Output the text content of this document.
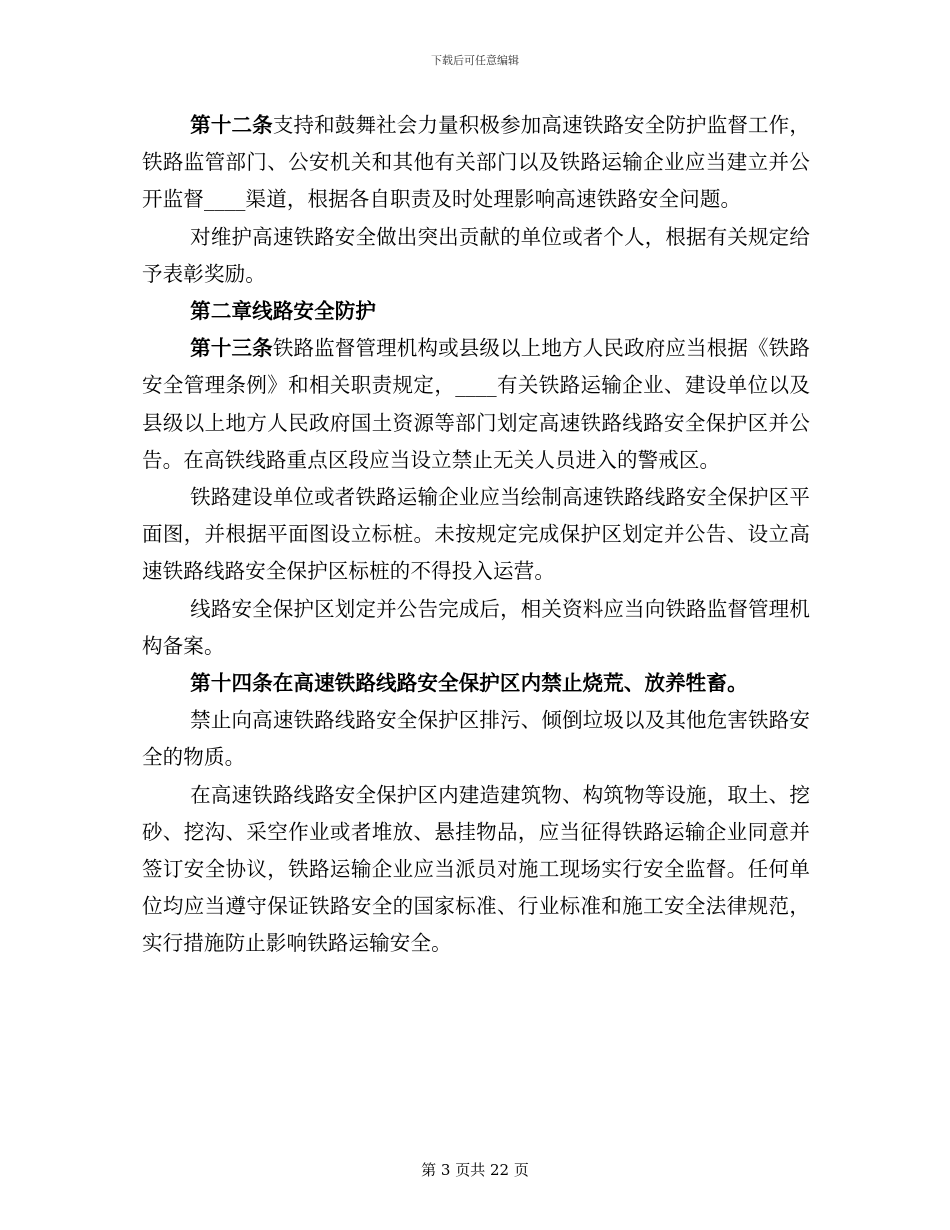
下载后可任意编辑

第十二条支持和鼓舞社会力量积极参加高速铁路安全防护监督工作，铁路监管部门、公安机关和其他有关部门以及铁路运输企业应当建立并公开监督____渠道，根据各自职责及时处理影响高速铁路安全问题。

对维护高速铁路安全做出突出贡献的单位或者个人，根据有关规定给予表彰奖励。

第二章线路安全防护

第十三条铁路监督管理机构或县级以上地方人民政府应当根据《铁路安全管理条例》和相关职责规定，____有关铁路运输企业、建设单位以及县级以上地方人民政府国土资源等部门划定高速铁路线路安全保护区并公告。在高铁线路重点区段应当设立禁止无关人员进入的警戒区。

铁路建设单位或者铁路运输企业应当绘制高速铁路线路安全保护区平面图，并根据平面图设立标桩。未按规定完成保护区划定并公告、设立高速铁路线路安全保护区标桩的不得投入运营。

线路安全保护区划定并公告完成后，相关资料应当向铁路监督管理机构备案。

第十四条在高速铁路线路安全保护区内禁止烧荒、放养牲畜。

禁止向高速铁路线路安全保护区排污、倾倒垃圾以及其他危害铁路安全的物质。

在高速铁路线路安全保护区内建造建筑物、构筑物等设施，取土、挖砂、挖沟、采空作业或者堆放、悬挂物品，应当征得铁路运输企业同意并签订安全协议，铁路运输企业应当派员对施工现场实行安全监督。任何单位均应当遵守保证铁路安全的国家标准、行业标准和施工安全法律规范，实行措施防止影响铁路运输安全。

第 3 页共 22 页
